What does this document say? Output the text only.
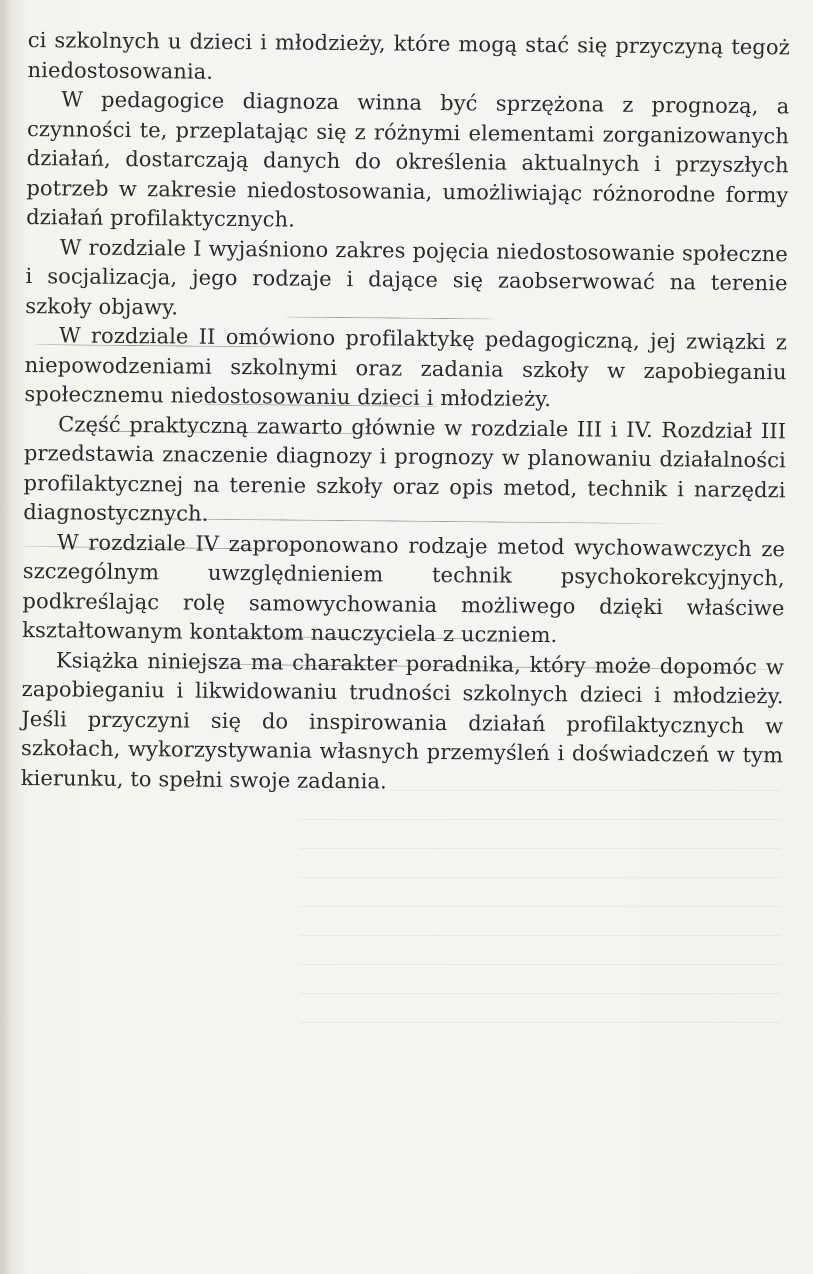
ci szkolnych u dzieci i młodzieży, które mogą stać się przyczyną tegoż niedostosowania.

W pedagogice diagnoza winna być sprzężona z prognozą, a czynności te, przeplatając się z różnymi elementami zorganizowanych działań, dostarczają danych do określenia aktualnych i przyszłych potrzeb w zakresie niedostosowania, umożliwiając różnorodne formy działań profilaktycznych.

W rozdziale I wyjaśniono zakres pojęcia niedostosowanie społeczne i socjalizacja, jego rodzaje i dające się zaobserwować na terenie szkoły objawy.

W rozdziale II omówiono profilaktykę pedagogiczną, jej związki z niepowodzeniami szkolnymi oraz zadania szkoły w zapobieganiu społecznemu niedostosowaniu dzieci i młodzieży.

Część praktyczną zawarto głównie w rozdziale III i IV. Rozdział III przedstawia znaczenie diagnozy i prognozy w planowaniu działalności profilaktycznej na terenie szkoły oraz opis metod, technik i narzędzi diagnostycznych.

W rozdziale IV zaproponowano rodzaje metod wychowawczych ze szczególnym uwzględnieniem technik psychokorekcyjnych, podkreślając rolę samowychowania możliwego dzięki właściwe kształtowanym kontaktom nauczyciela z uczniem.

Książka niniejsza ma charakter poradnika, który może dopomóc w zapobieganiu i likwidowaniu trudności szkolnych dzieci i młodzieży. Jeśli przyczyni się do inspirowania działań profilaktycznych w szkołach, wykorzystywania własnych przemyśleń i doświadczeń w tym kierunku, to spełni swoje zadania.
